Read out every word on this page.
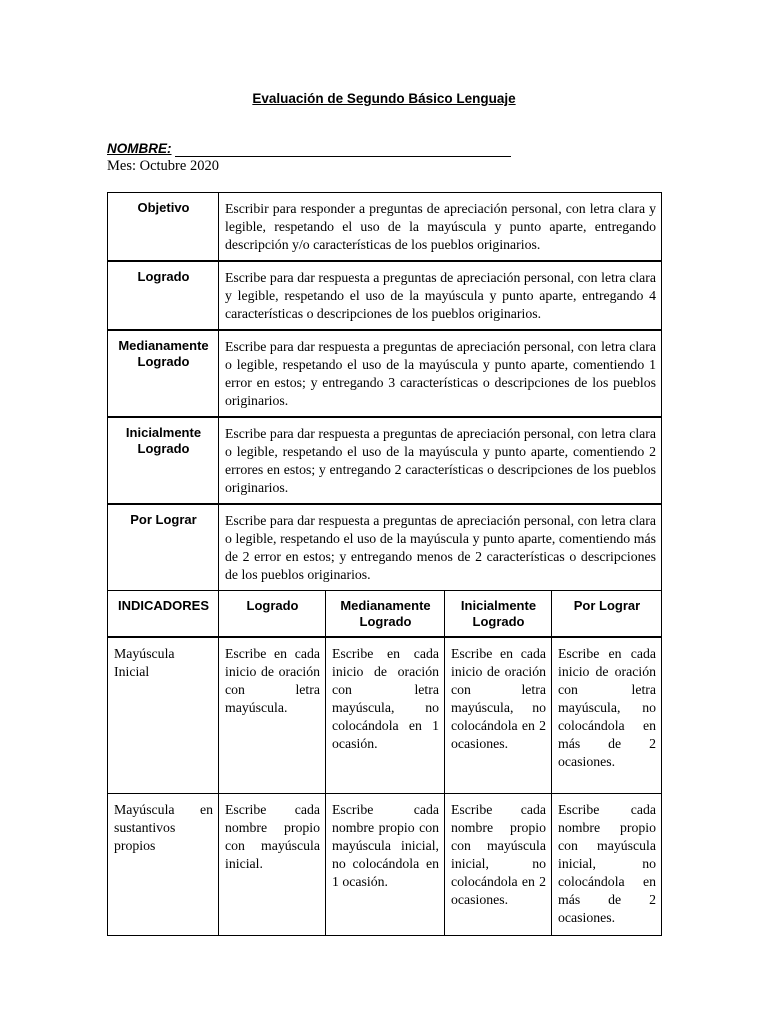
Evaluación de Segundo Básico Lenguaje
NOMBRE:
Mes: Octubre 2020
Objetivo	Escribir para responder a preguntas de apreciación personal, con letra clara y legible, respetando el uso de la mayúscula y punto aparte, entregando descripción y/o características de los pueblos originarios.			
Logrado	Escribe para dar respuesta a preguntas de apreciación personal, con letra clara y legible, respetando el uso de la mayúscula y punto aparte, entregando 4 características o descripciones de los pueblos originarios.			
Medianamente Logrado	Escribe para dar respuesta a preguntas de apreciación personal, con letra clara o legible, respetando el uso de la mayúscula y punto aparte, comentiendo 1 error en estos; y entregando 3 características o descripciones de los pueblos originarios.			
Inicialmente Logrado	Escribe para dar respuesta a preguntas de apreciación personal, con letra clara o legible, respetando el uso de la mayúscula y punto aparte, comentiendo 2 errores en estos; y entregando 2 características o descripciones de los pueblos originarios.			
Por Lograr	Escribe para dar respuesta a preguntas de apreciación personal, con letra clara o legible, respetando el uso de la mayúscula y punto aparte, comentiendo más de 2 error en estos; y entregando menos de 2 características o descripciones de los pueblos originarios.			
INDICADORES	Logrado	Medianamente Logrado	Inicialmente Logrado	Por Lograr
Mayúscula Inicial	Escribe en cada inicio de oración con letra mayúscula.	Escribe en cada inicio de oración con letra mayúscula, no colocándola en 1 ocasión.	Escribe en cada inicio de oración con letra mayúscula, no colocándola en 2 ocasiones.	Escribe en cada inicio de oración con letra mayúscula, no colocándola en más de 2 ocasiones.
Mayúscula en sustantivos propios	Escribe cada nombre propio con mayúscula inicial.	Escribe cada nombre propio con mayúscula inicial, no colocándola en 1 ocasión.	Escribe cada nombre propio con mayúscula inicial, no colocándola en 2 ocasiones.	Escribe cada nombre propio con mayúscula inicial, no colocándola en más de 2 ocasiones.
